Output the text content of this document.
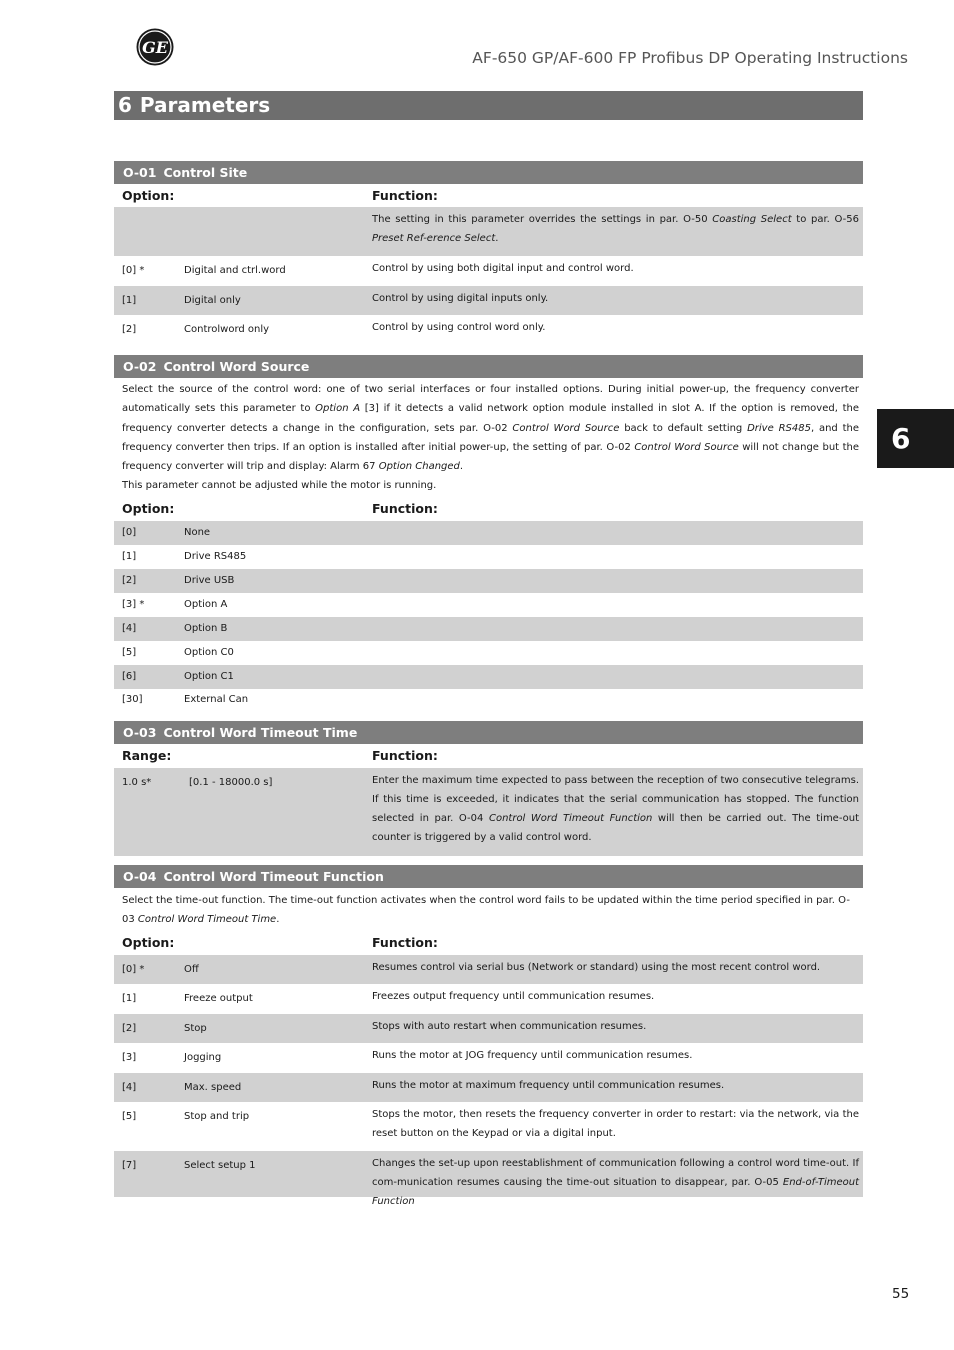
GE
AF-650 GP/AF-600 FP Profibus DP Operating Instructions
6 Parameters
6
O-01 Control Site
Option:	Function:
The setting in this parameter overrides the settings in par. O-50 Coasting Select to par. O-56 Preset Ref-erence Select.
[0] *	Digital and ctrl.word	Control by using both digital input and control word.
[1]	Digital only	Control by using digital inputs only.
[2]	Controlword only	Control by using control word only.
O-02 Control Word Source

Select the source of the control word: one of two serial interfaces or four installed options. During initial power-up, the frequency converter automatically sets this parameter to Option A [3] if it detects a valid network option module installed in slot A. If the option is removed, the frequency converter detects a change in the configuration, sets par. O-02 Control Word Source back to default setting Drive RS485, and the frequency converter then trips. If an option is installed after initial power-up, the setting of par. O-02 Control Word Source will not change but the frequency converter will trip and display: Alarm 67 Option Changed.

This parameter cannot be adjusted while the motor is running.

Option:	Function:
[0]	None
[1]	Drive RS485
[2]	Drive USB
[3] *	Option A
[4]	Option B
[5]	Option C0
[6]	Option C1
[30]	External Can
O-03 Control Word Timeout Time
Range:	Function:
1.0 s*	[0.1 - 18000.0 s]	Enter the maximum time expected to pass between the reception of two consecutive telegrams. If this time is exceeded, it indicates that the serial communication has stopped. The function selected in par. O-04 Control Word Timeout Function will then be carried out. The time-out counter is triggered by a valid control word.
O-04 Control Word Timeout Function

Select the time-out function. The time-out function activates when the control word fails to be updated within the time period specified in par. O-03 Control Word Timeout Time.

Option:	Function:
[0] *	Off	Resumes control via serial bus (Network or standard) using the most recent control word.
[1]	Freeze output	Freezes output frequency until communication resumes.
[2]	Stop	Stops with auto restart when communication resumes.
[3]	Jogging	Runs the motor at JOG frequency until communication resumes.
[4]	Max. speed	Runs the motor at maximum frequency until communication resumes.
[5]	Stop and trip	Stops the motor, then resets the frequency converter in order to restart: via the network, via the reset button on the Keypad or via a digital input.
[7]	Select setup 1	Changes the set-up upon reestablishment of communication following a control word time-out. If com-munication resumes causing the time-out situation to disappear, par. O-05 End-of-Timeout Function
55
